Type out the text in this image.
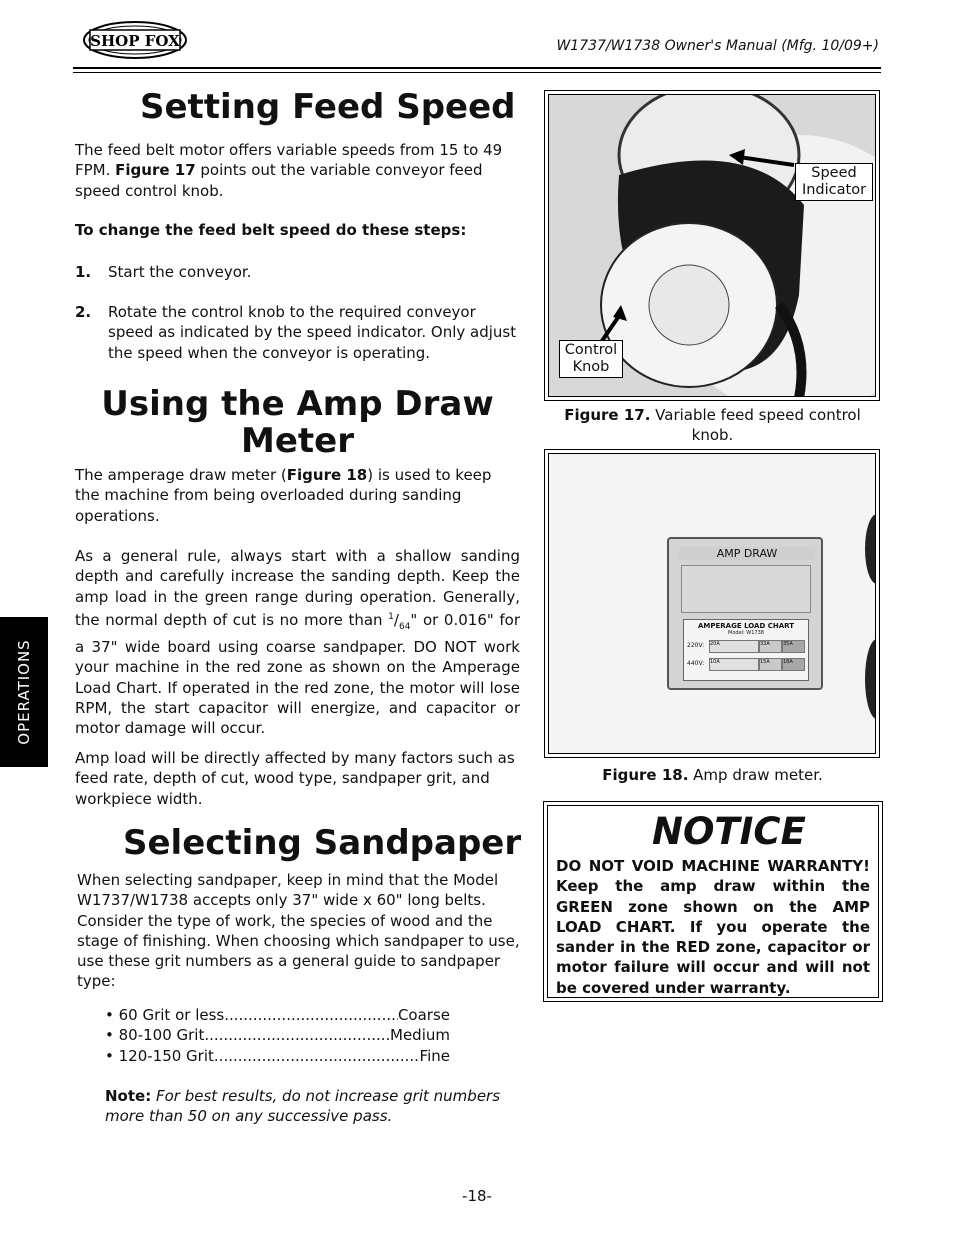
SHOP FOX	W1737/W1738 Owner's Manual (Mfg. 10/09+)
OPERATIONS
Setting Feed Speed

The feed belt motor offers variable speeds from 15 to 49 FPM. Figure 17 points out the variable conveyor feed speed control knob.

To change the feed belt speed do these steps:
1. Start the conveyor.
2. Rotate the control knob to the required conveyor speed as indicated by the speed indicator. Only adjust the speed when the conveyor is operating.
Using the Amp Draw Meter

The amperage draw meter (Figure 18) is used to keep the machine from being overloaded during sanding operations.

As a general rule, always start with a shallow sanding depth and carefully increase the sanding depth. Keep the amp load in the green range during operation. Generally, the normal depth of cut is no more than $^1/_{64}$" or 0.016" for a 37" wide board using coarse sandpaper. DO NOT work your machine in the red zone as shown on the Amperage Load Chart. If operated in the red zone, the motor will lose RPM, the start capacitor will energize, and capacitor or motor damage will occur.

Amp load will be directly affected by many factors such as feed rate, depth of cut, wood type, sandpaper grit, and workpiece width.

Selecting Sandpaper

When selecting sandpaper, keep in mind that the Model W1737/W1738 accepts only 37" wide x 60" long belts. Consider the type of work, the species of wood and the stage of finishing. When choosing which sandpaper to use, use these grit numbers as a general guide to sandpaper type:

• 60 Grit or less .....	Coarse
• 80-100 Grit .....	Medium
• 120-150 Grit .....	Fine

Note: For best results, do not increase grit numbers more than 50 on any successive pass.

Speed Indicator
Control Knob
Figure 17. Variable feed speed control knob.
AMP DRAW
AMPERAGE LOAD CHART
Model: W1738
220V: 20A	33A	35A
440V: 10A	15A	18A
Figure 18. Amp draw meter.
NOTICE
DO NOT VOID MACHINE WARRANTY! Keep the amp draw within the GREEN zone shown on the AMP LOAD CHART. If you operate the sander in the RED zone, capacitor or motor failure will occur and will not be covered under warranty.
-18-
